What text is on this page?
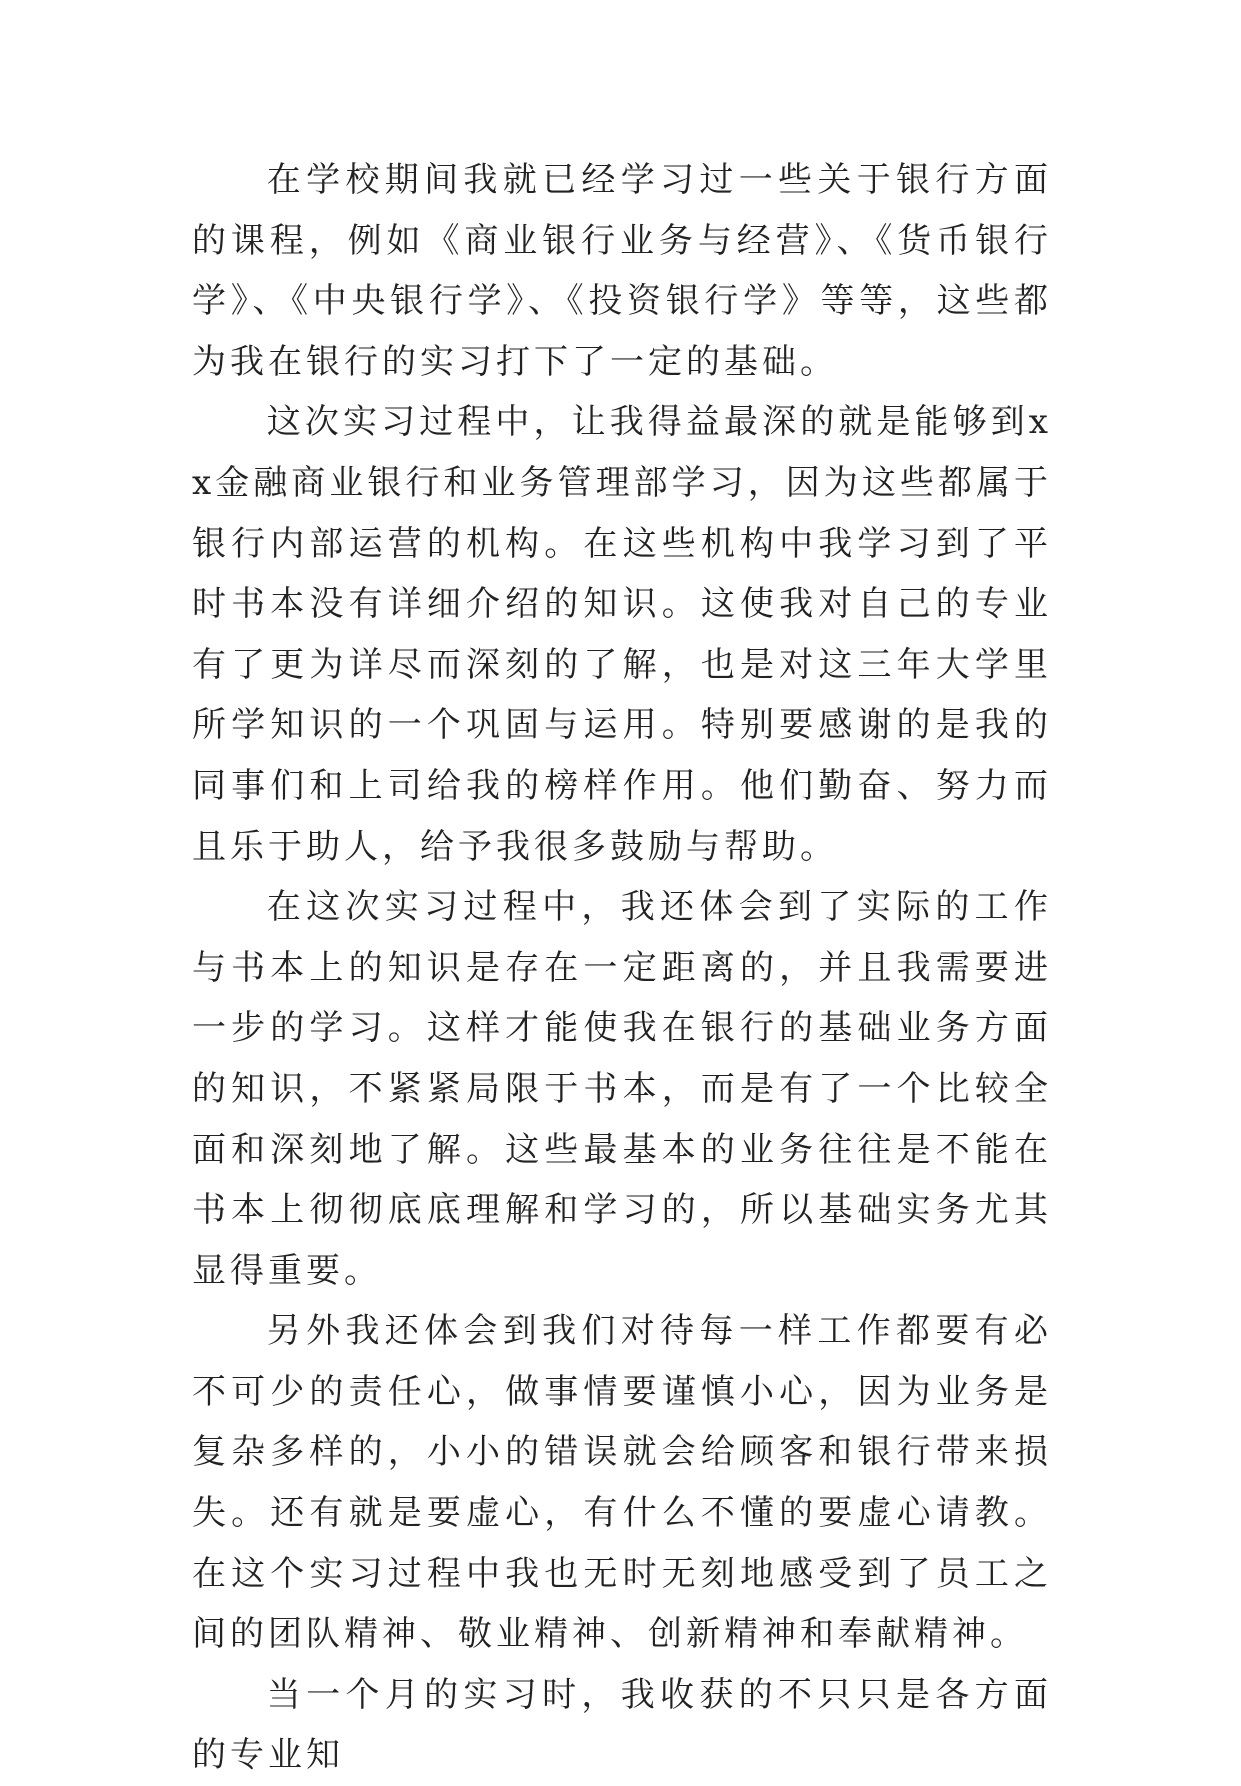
在学校期间我就已经学习过一些关于银行方面的课程，例如《商业银行业务与经营》、《货币银行学》、《中央银行学》、《投资银行学》等等，这些都为我在银行的实习打下了一定的基础。

这次实习过程中，让我得益最深的就是能够到xx金融商业银行和业务管理部学习，因为这些都属于银行内部运营的机构。在这些机构中我学习到了平时书本没有详细介绍的知识。这使我对自己的专业有了更为详尽而深刻的了解，也是对这三年大学里所学知识的一个巩固与运用。特别要感谢的是我的同事们和上司给我的榜样作用。他们勤奋、努力而且乐于助人，给予我很多鼓励与帮助。

在这次实习过程中，我还体会到了实际的工作与书本上的知识是存在一定距离的，并且我需要进一步的学习。这样才能使我在银行的基础业务方面的知识，不紧紧局限于书本，而是有了一个比较全面和深刻地了解。这些最基本的业务往往是不能在书本上彻彻底底理解和学习的，所以基础实务尤其显得重要。

另外我还体会到我们对待每一样工作都要有必不可少的责任心，做事情要谨慎小心，因为业务是复杂多样的，小小的错误就会给顾客和银行带来损失。还有就是要虚心，有什么不懂的要虚心请教。在这个实习过程中我也无时无刻地感受到了员工之间的团队精神、敬业精神、创新精神和奉献精神。

当一个月的实习时，我收获的不只只是各方面的专业知
